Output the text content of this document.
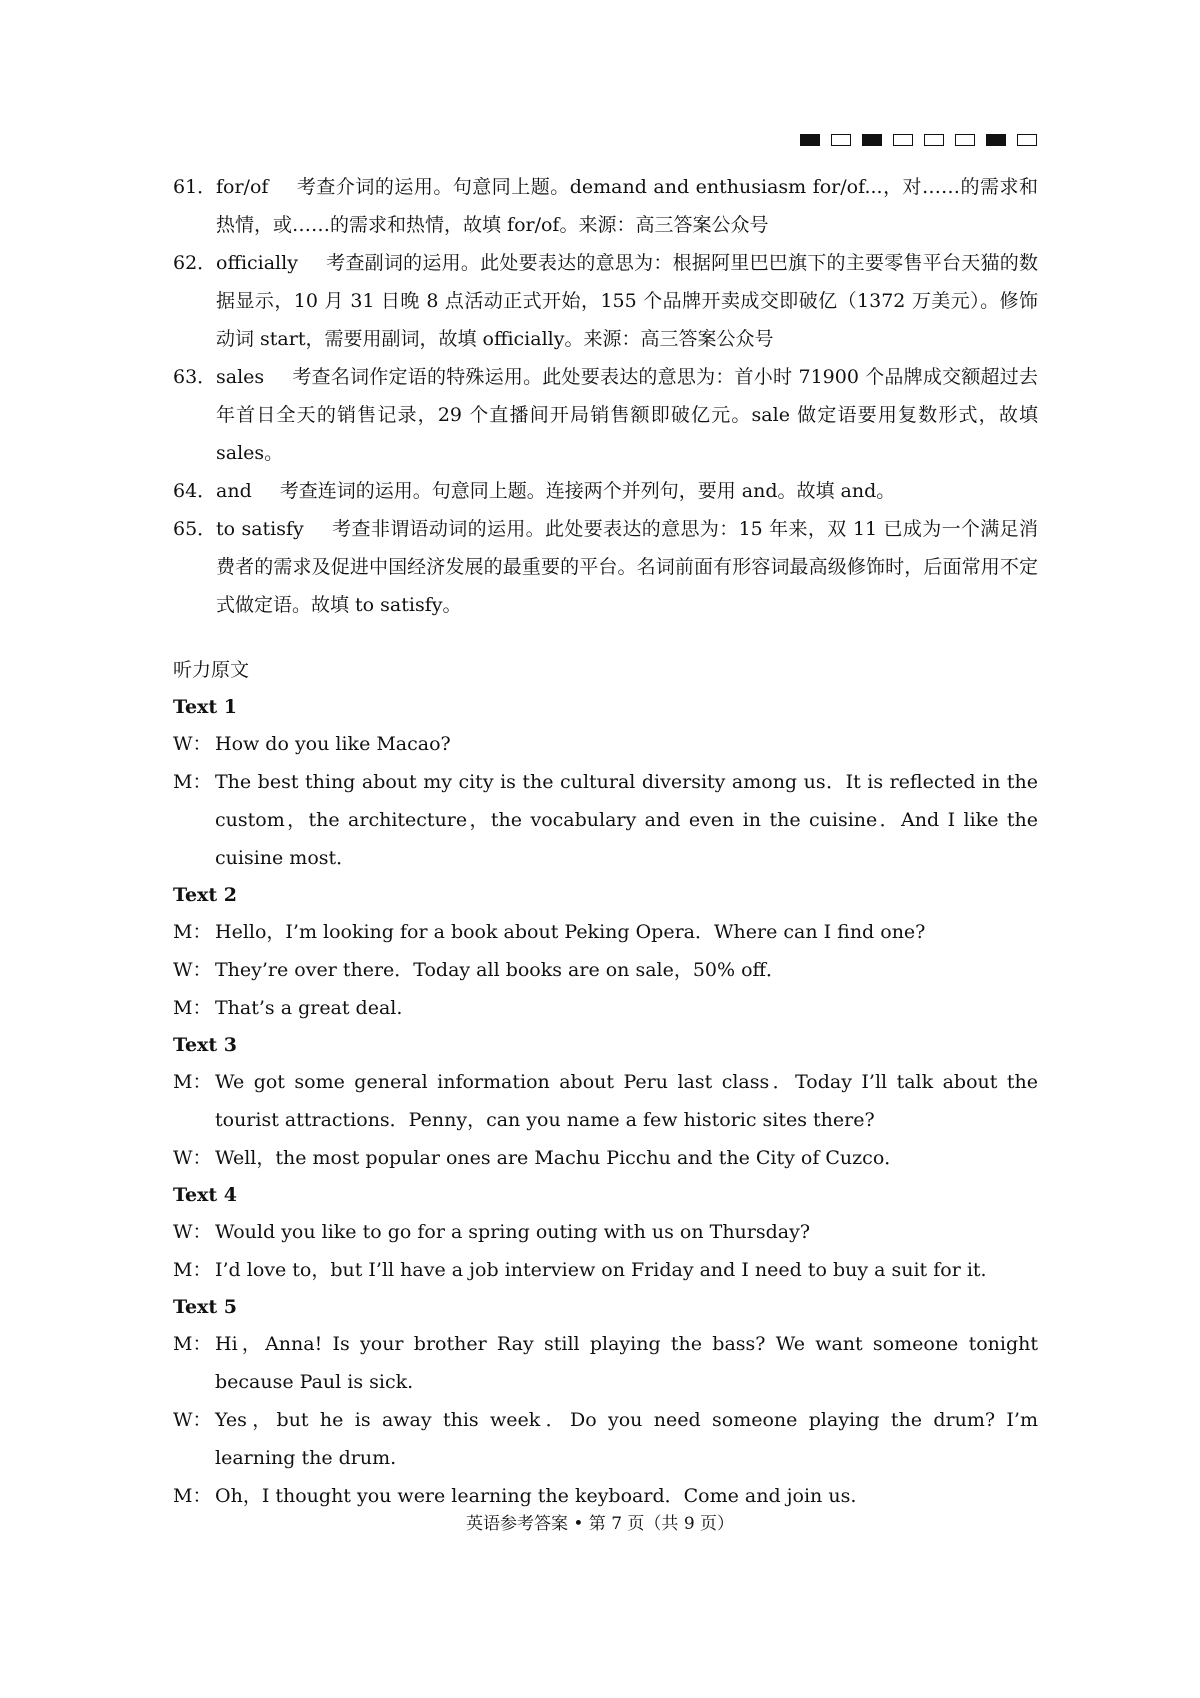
61． for/of 考查介词的运用。句意同上题。demand and enthusiasm for/of...，对……的需求和热情，或……的需求和热情，故填 for/of。来源：高三答案公众号
62． officially 考查副词的运用。此处要表达的意思为：根据阿里巴巴旗下的主要零售平台天猫的数据显示，10 月 31 日晚 8 点活动正式开始，155 个品牌开卖成交即破亿（1372 万美元）。修饰动词 start，需要用副词，故填 officially。来源：高三答案公众号
63． sales 考查名词作定语的特殊运用。此处要表达的意思为：首小时 71900 个品牌成交额超过去年首日全天的销售记录，29 个直播间开局销售额即破亿元。sale 做定语要用复数形式，故填 sales。
64． and 考查连词的运用。句意同上题。连接两个并列句，要用 and。故填 and。
65． to satisfy 考查非谓语动词的运用。此处要表达的意思为：15 年来，双 11 已成为一个满足消费者的需求及促进中国经济发展的最重要的平台。名词前面有形容词最高级修饰时，后面常用不定式做定语。故填 to satisfy。
听力原文
Text 1
W： How do you like Macao?
M： The best thing about my city is the cultural diversity among us．It is reflected in the custom，the architecture，the vocabulary and even in the cuisine．And I like the cuisine most．
Text 2
M： Hello，I’m looking for a book about Peking Opera．Where can I find one?
W： They’re over there．Today all books are on sale，50% off．
M： That’s a great deal.
Text 3
M： We got some general information about Peru last class．Today I’ll talk about the tourist attractions．Penny，can you name a few historic sites there?
W： Well，the most popular ones are Machu Picchu and the City of Cuzco．
Text 4
W： Would you like to go for a spring outing with us on Thursday?
M： I’d love to，but I’ll have a job interview on Friday and I need to buy a suit for it.
Text 5
M： Hi，Anna! Is your brother Ray still playing the bass? We want someone tonight because Paul is sick.
W： Yes，but he is away this week．Do you need someone playing the drum? I’m learning the drum.
M： Oh，I thought you were learning the keyboard．Come and join us.
英语参考答案 • 第 7 页（共 9 页）
